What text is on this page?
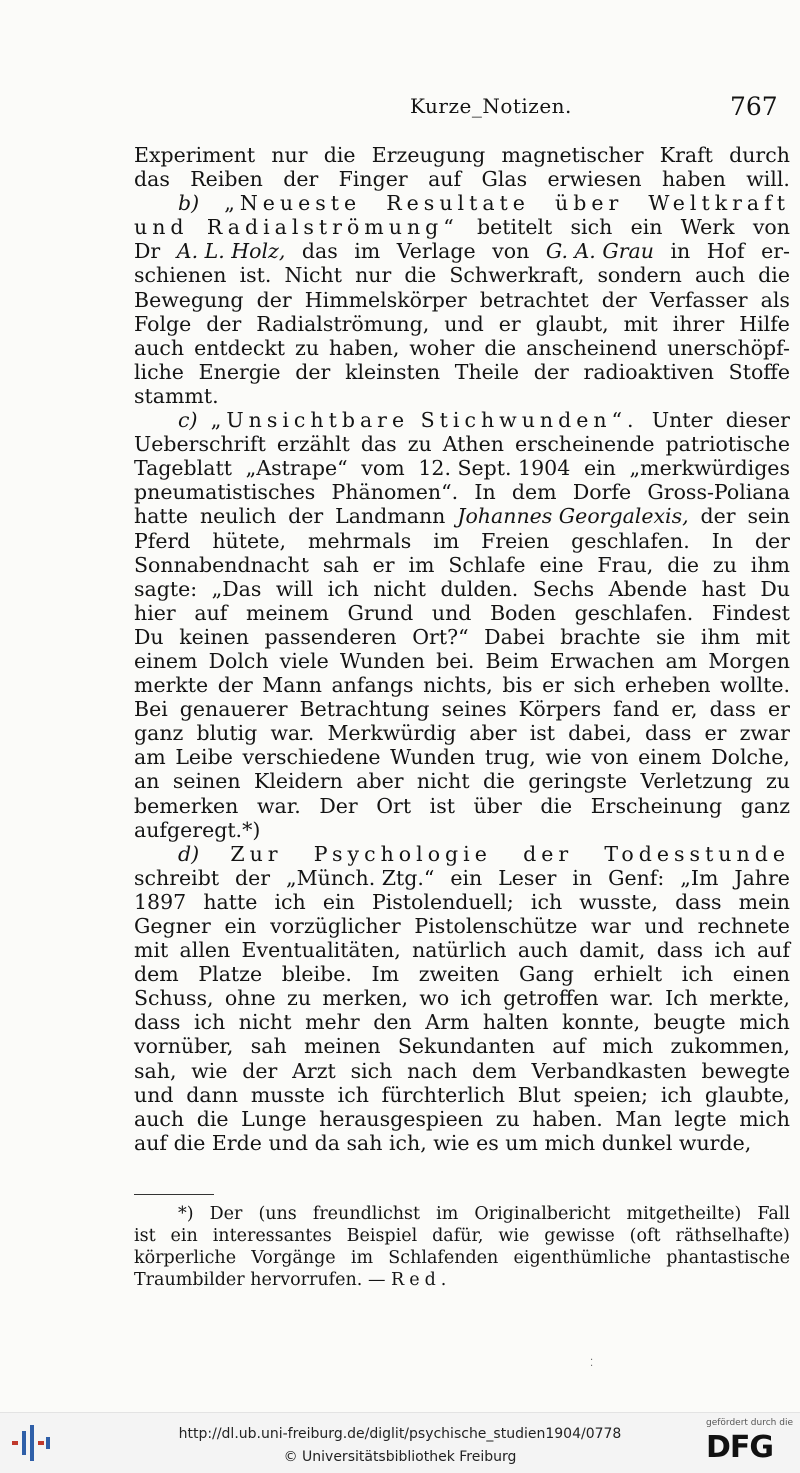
Kurze_Notizen.	767
Experiment nur die Erzeugung magnetischer Kraft durch
das Reiben der Finger auf Glas erwiesen haben will.
b) „Neueste Resultate über Weltkraft
und Radialströmung“ betitelt sich ein Werk von
Dr A. L. Holz, das im Verlage von G. A. Grau in Hof er-
schienen ist. Nicht nur die Schwerkraft, sondern auch die
Bewegung der Himmelskörper betrachtet der Verfasser als
Folge der Radialströmung, und er glaubt, mit ihrer Hilfe
auch entdeckt zu haben, woher die anscheinend unerschöpf-
liche Energie der kleinsten Theile der radioaktiven Stoffe
stammt.
c) „Unsichtbare Stichwunden“. Unter dieser
Ueberschrift erzählt das zu Athen erscheinende patriotische
Tageblatt „Astrape“ vom 12. Sept. 1904 ein „merkwürdiges
pneumatistisches Phänomen“. In dem Dorfe Gross-Poliana
hatte neulich der Landmann Johannes Georgalexis, der sein
Pferd hütete, mehrmals im Freien geschlafen. In der
Sonnabendnacht sah er im Schlafe eine Frau, die zu ihm
sagte: „Das will ich nicht dulden. Sechs Abende hast Du
hier auf meinem Grund und Boden geschlafen. Findest
Du keinen passenderen Ort?“ Dabei brachte sie ihm mit
einem Dolch viele Wunden bei. Beim Erwachen am Morgen
merkte der Mann anfangs nichts, bis er sich erheben wollte.
Bei genauerer Betrachtung seines Körpers fand er, dass er
ganz blutig war. Merkwürdig aber ist dabei, dass er zwar
am Leibe verschiedene Wunden trug, wie von einem Dolche,
an seinen Kleidern aber nicht die geringste Verletzung zu
bemerken war. Der Ort ist über die Erscheinung ganz
aufgeregt.*)
d) Zur Psychologie der Todesstunde
schreibt der „Münch. Ztg.“ ein Leser in Genf: „Im Jahre
1897 hatte ich ein Pistolenduell; ich wusste, dass mein
Gegner ein vorzüglicher Pistolenschütze war und rechnete
mit allen Eventualitäten, natürlich auch damit, dass ich auf
dem Platze bleibe. Im zweiten Gang erhielt ich einen
Schuss, ohne zu merken, wo ich getroffen war. Ich merkte,
dass ich nicht mehr den Arm halten konnte, beugte mich
vornüber, sah meinen Sekundanten auf mich zukommen,
sah, wie der Arzt sich nach dem Verbandkasten bewegte
und dann musste ich fürchterlich Blut speien; ich glaubte,
auch die Lunge herausgespieen zu haben. Man legte mich
auf die Erde und da sah ich, wie es um mich dunkel wurde,
*) Der (uns freundlichst im Originalbericht mitgetheilte) Fall
ist ein interessantes Beispiel dafür, wie gewisse (oft räthselhafte)
körperliche Vorgänge im Schlafenden eigenthümliche phantastische
Traumbilder hervorrufen. — Red.
⁚
http://dl.ub.uni-freiburg.de/diglit/psychische_studien1904/0778
© Universitätsbibliothek Freiburg
gefördert durch die
DFG
